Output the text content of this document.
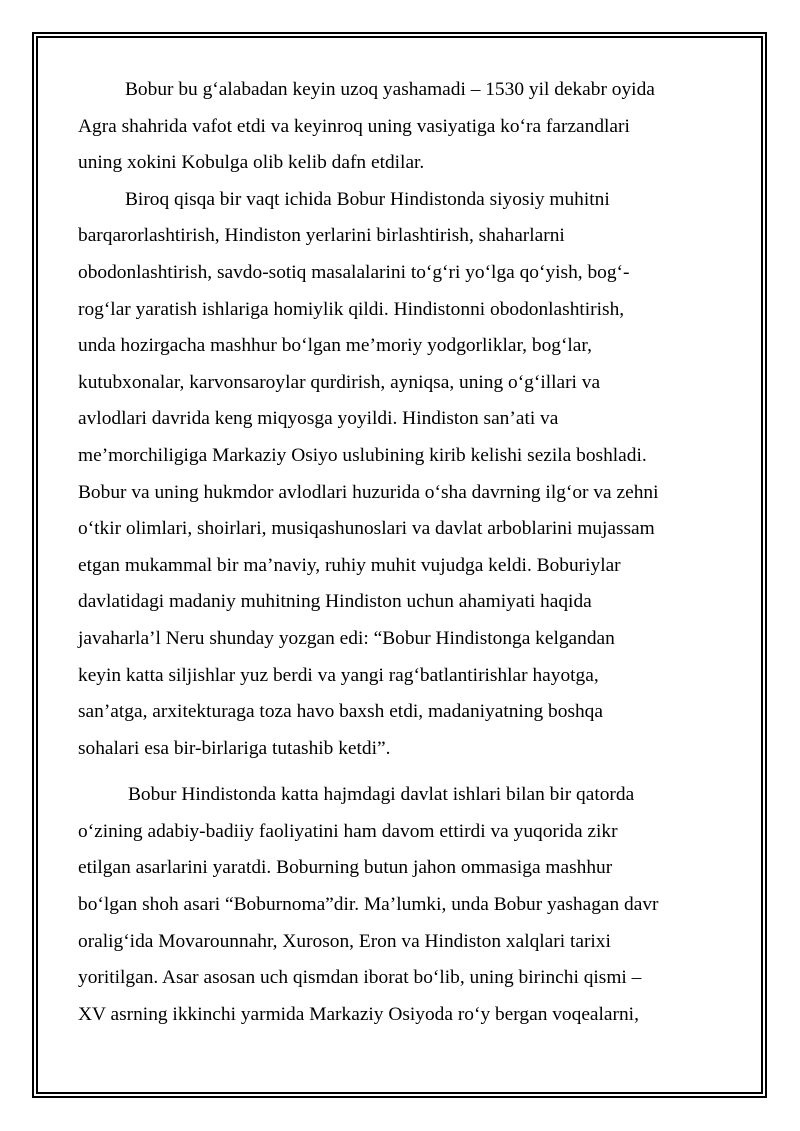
Bobur bu g‘alabadan keyin uzoq yashamadi – 1530 yil dekabr oyida
Agra shahrida vafot etdi va keyinroq uning vasiyatiga ko‘ra farzandlari
uning xokini Kobulga olib kelib dafn etdilar.
Biroq qisqa bir vaqt ichida Bobur Hindistonda siyosiy muhitni
barqarorlashtirish, Hindiston yerlarini birlashtirish, shaharlarni
obodonlashtirish, savdo-sotiq masalalarini to‘g‘ri yo‘lga qo‘yish, bog‘-
rog‘lar yaratish ishlariga homiylik qildi. Hindistonni obodonlashtirish,
unda hozirgacha mashhur bo‘lgan me’moriy yodgorliklar, bog‘lar,
kutubxonalar, karvonsaroylar qurdirish, ayniqsa, uning o‘g‘illari va
avlodlari davrida keng miqyosga yoyildi. Hindiston san’ati va
me’morchiligiga Markaziy Osiyo uslubining kirib kelishi sezila boshladi.
Bobur va uning hukmdor avlodlari huzurida o‘sha davrning ilg‘or va zehni
o‘tkir olimlari, shoirlari, musiqashunoslari va davlat arboblarini mujassam
etgan mukammal bir ma’naviy, ruhiy muhit vujudga keldi. Boburiylar
davlatidagi madaniy muhitning Hindiston uchun ahamiyati haqida
javaharla’l Neru shunday yozgan edi: “Bobur Hindistonga kelgandan
keyin katta siljishlar yuz berdi va yangi rag‘batlantirishlar hayotga,
san’atga, arxitekturaga toza havo baxsh etdi, madaniyatning boshqa
sohalari esa bir-birlariga tutashib ketdi”.
Bobur Hindistonda katta hajmdagi davlat ishlari bilan bir qatorda
o‘zining adabiy-badiiy faoliyatini ham davom ettirdi va yuqorida zikr
etilgan asarlarini yaratdi. Boburning butun jahon ommasiga mashhur
bo‘lgan shoh asari “Boburnoma”dir. Ma’lumki, unda Bobur yashagan davr
oralig‘ida Movarounnahr, Xuroson, Eron va Hindiston xalqlari tarixi
yoritilgan. Asar asosan uch qismdan iborat bo‘lib, uning birinchi qismi –
XV asrning ikkinchi yarmida Markaziy Osiyoda ro‘y bergan voqealarni,
